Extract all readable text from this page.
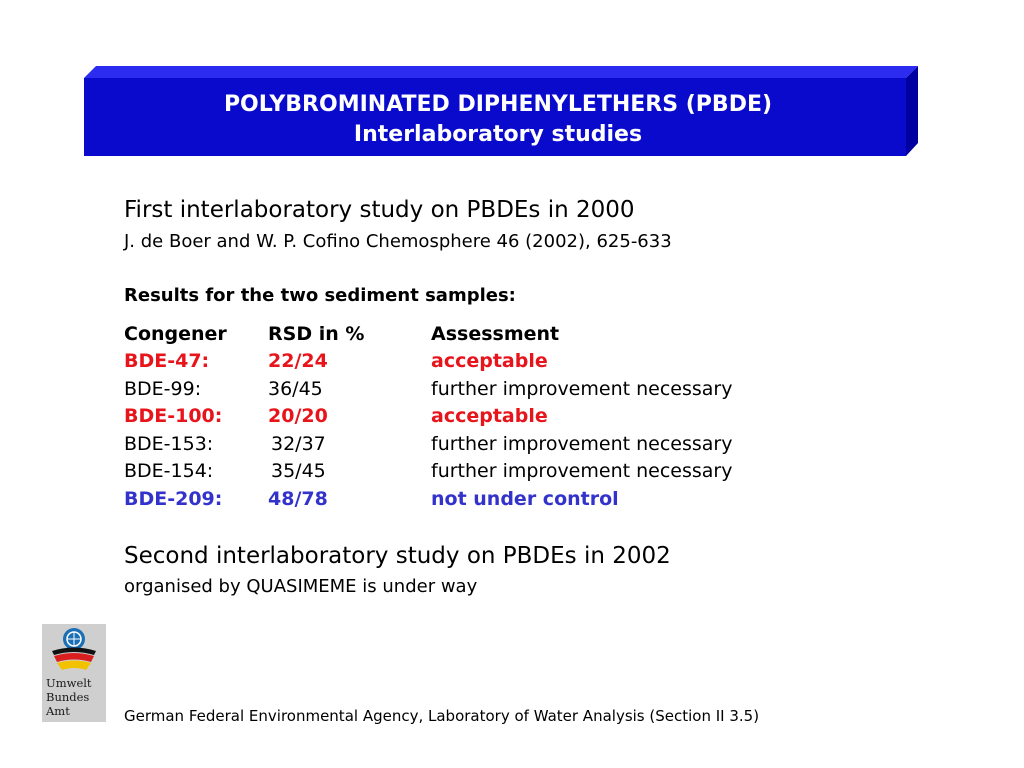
POLYBROMINATED DIPHENYLETHERS (PBDE)
Interlaboratory studies
First interlaboratory study on PBDEs in 2000
J. de Boer and W. P. Cofino Chemosphere 46 (2002), 625-633
Results for the two sediment samples:
Congener RSD in %	Assessment
BDE-47:	22/24	acceptable
BDE-99:	36/45	further improvement necessary
BDE-100: 20/20	acceptable
BDE-153:	32/37	further improvement necessary
BDE-154:	35/45	further improvement necessary
BDE-209: 48/78	not under control
Second interlaboratory study on PBDEs in 2002
organised by QUASIMEME is under way
Umwelt
Bundes
Amt	German Federal Environmental Agency, Laboratory of Water Analysis (Section II 3.5)
